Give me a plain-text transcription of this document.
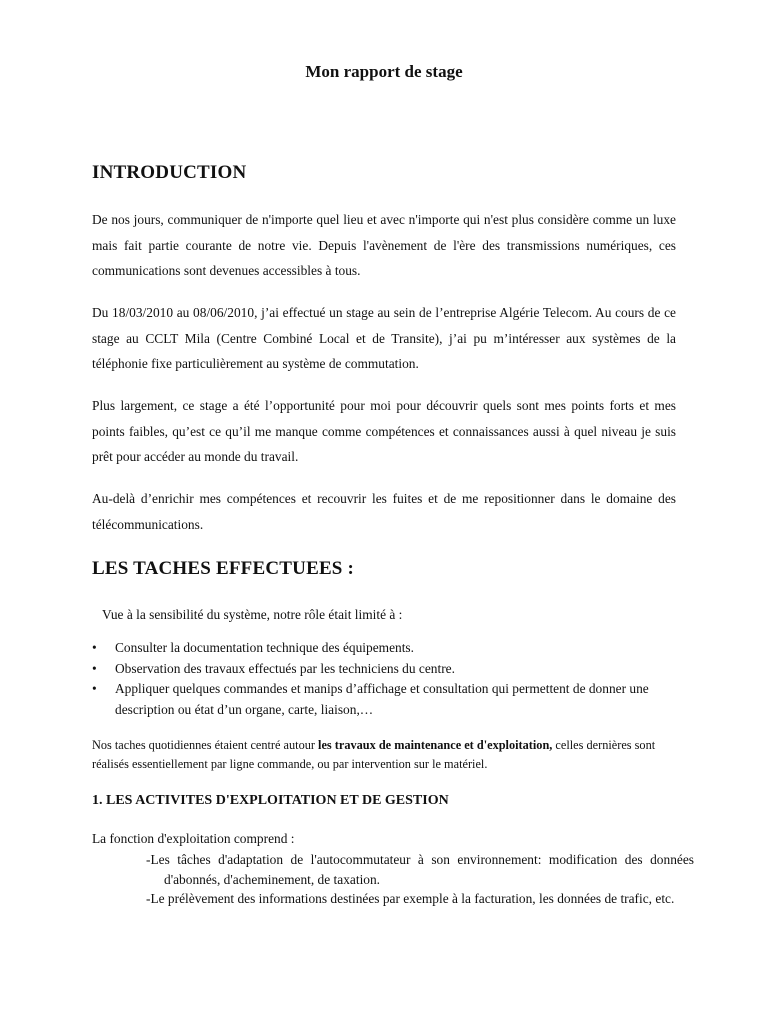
Mon rapport de stage
INTRODUCTION

De nos jours, communiquer de n'importe quel lieu et avec n'importe qui n'est plus considère comme un luxe mais fait partie courante de notre vie. Depuis l'avènement de l'ère des transmissions numériques, ces communications sont devenues accessibles à tous.

Du 18/03/2010 au 08/06/2010, j’ai effectué un stage au sein de l’entreprise Algérie Telecom. Au cours de ce stage au CCLT Mila (Centre Combiné Local et de Transite), j’ai pu m’intéresser aux systèmes de la téléphonie fixe particulièrement au système de commutation.

Plus largement, ce stage a été l’opportunité pour moi pour découvrir quels sont mes points forts et mes points faibles, qu’est ce qu’il me manque comme compétences et connaissances aussi à quel niveau je suis prêt pour accéder au monde du travail.

Au-delà d’enrichir mes compétences et recouvrir les fuites et de me repositionner dans le domaine des télécommunications.

LES TACHES EFFECTUEES :

Vue à la sensibilité du système, notre rôle était limité à :

• Consulter la documentation technique des équipements.
• Observation des travaux effectués par les techniciens du centre.
• Appliquer quelques commandes et manips d’affichage et consultation qui permettent de donner une description ou état d’un organe, carte, liaison,…

Nos taches quotidiennes étaient centré autour les travaux de maintenance et d'exploitation, celles dernières sont réalisés essentiellement par ligne commande, ou par intervention sur le matériel.

1. LES ACTIVITES D'EXPLOITATION ET DE GESTION

La fonction d'exploitation comprend :

-Les tâches d'adaptation de l'autocommutateur à son environnement: modification des données d'abonnés, d'acheminement, de taxation.

-Le prélèvement des informations destinées par exemple à la facturation, les données de trafic, etc.
